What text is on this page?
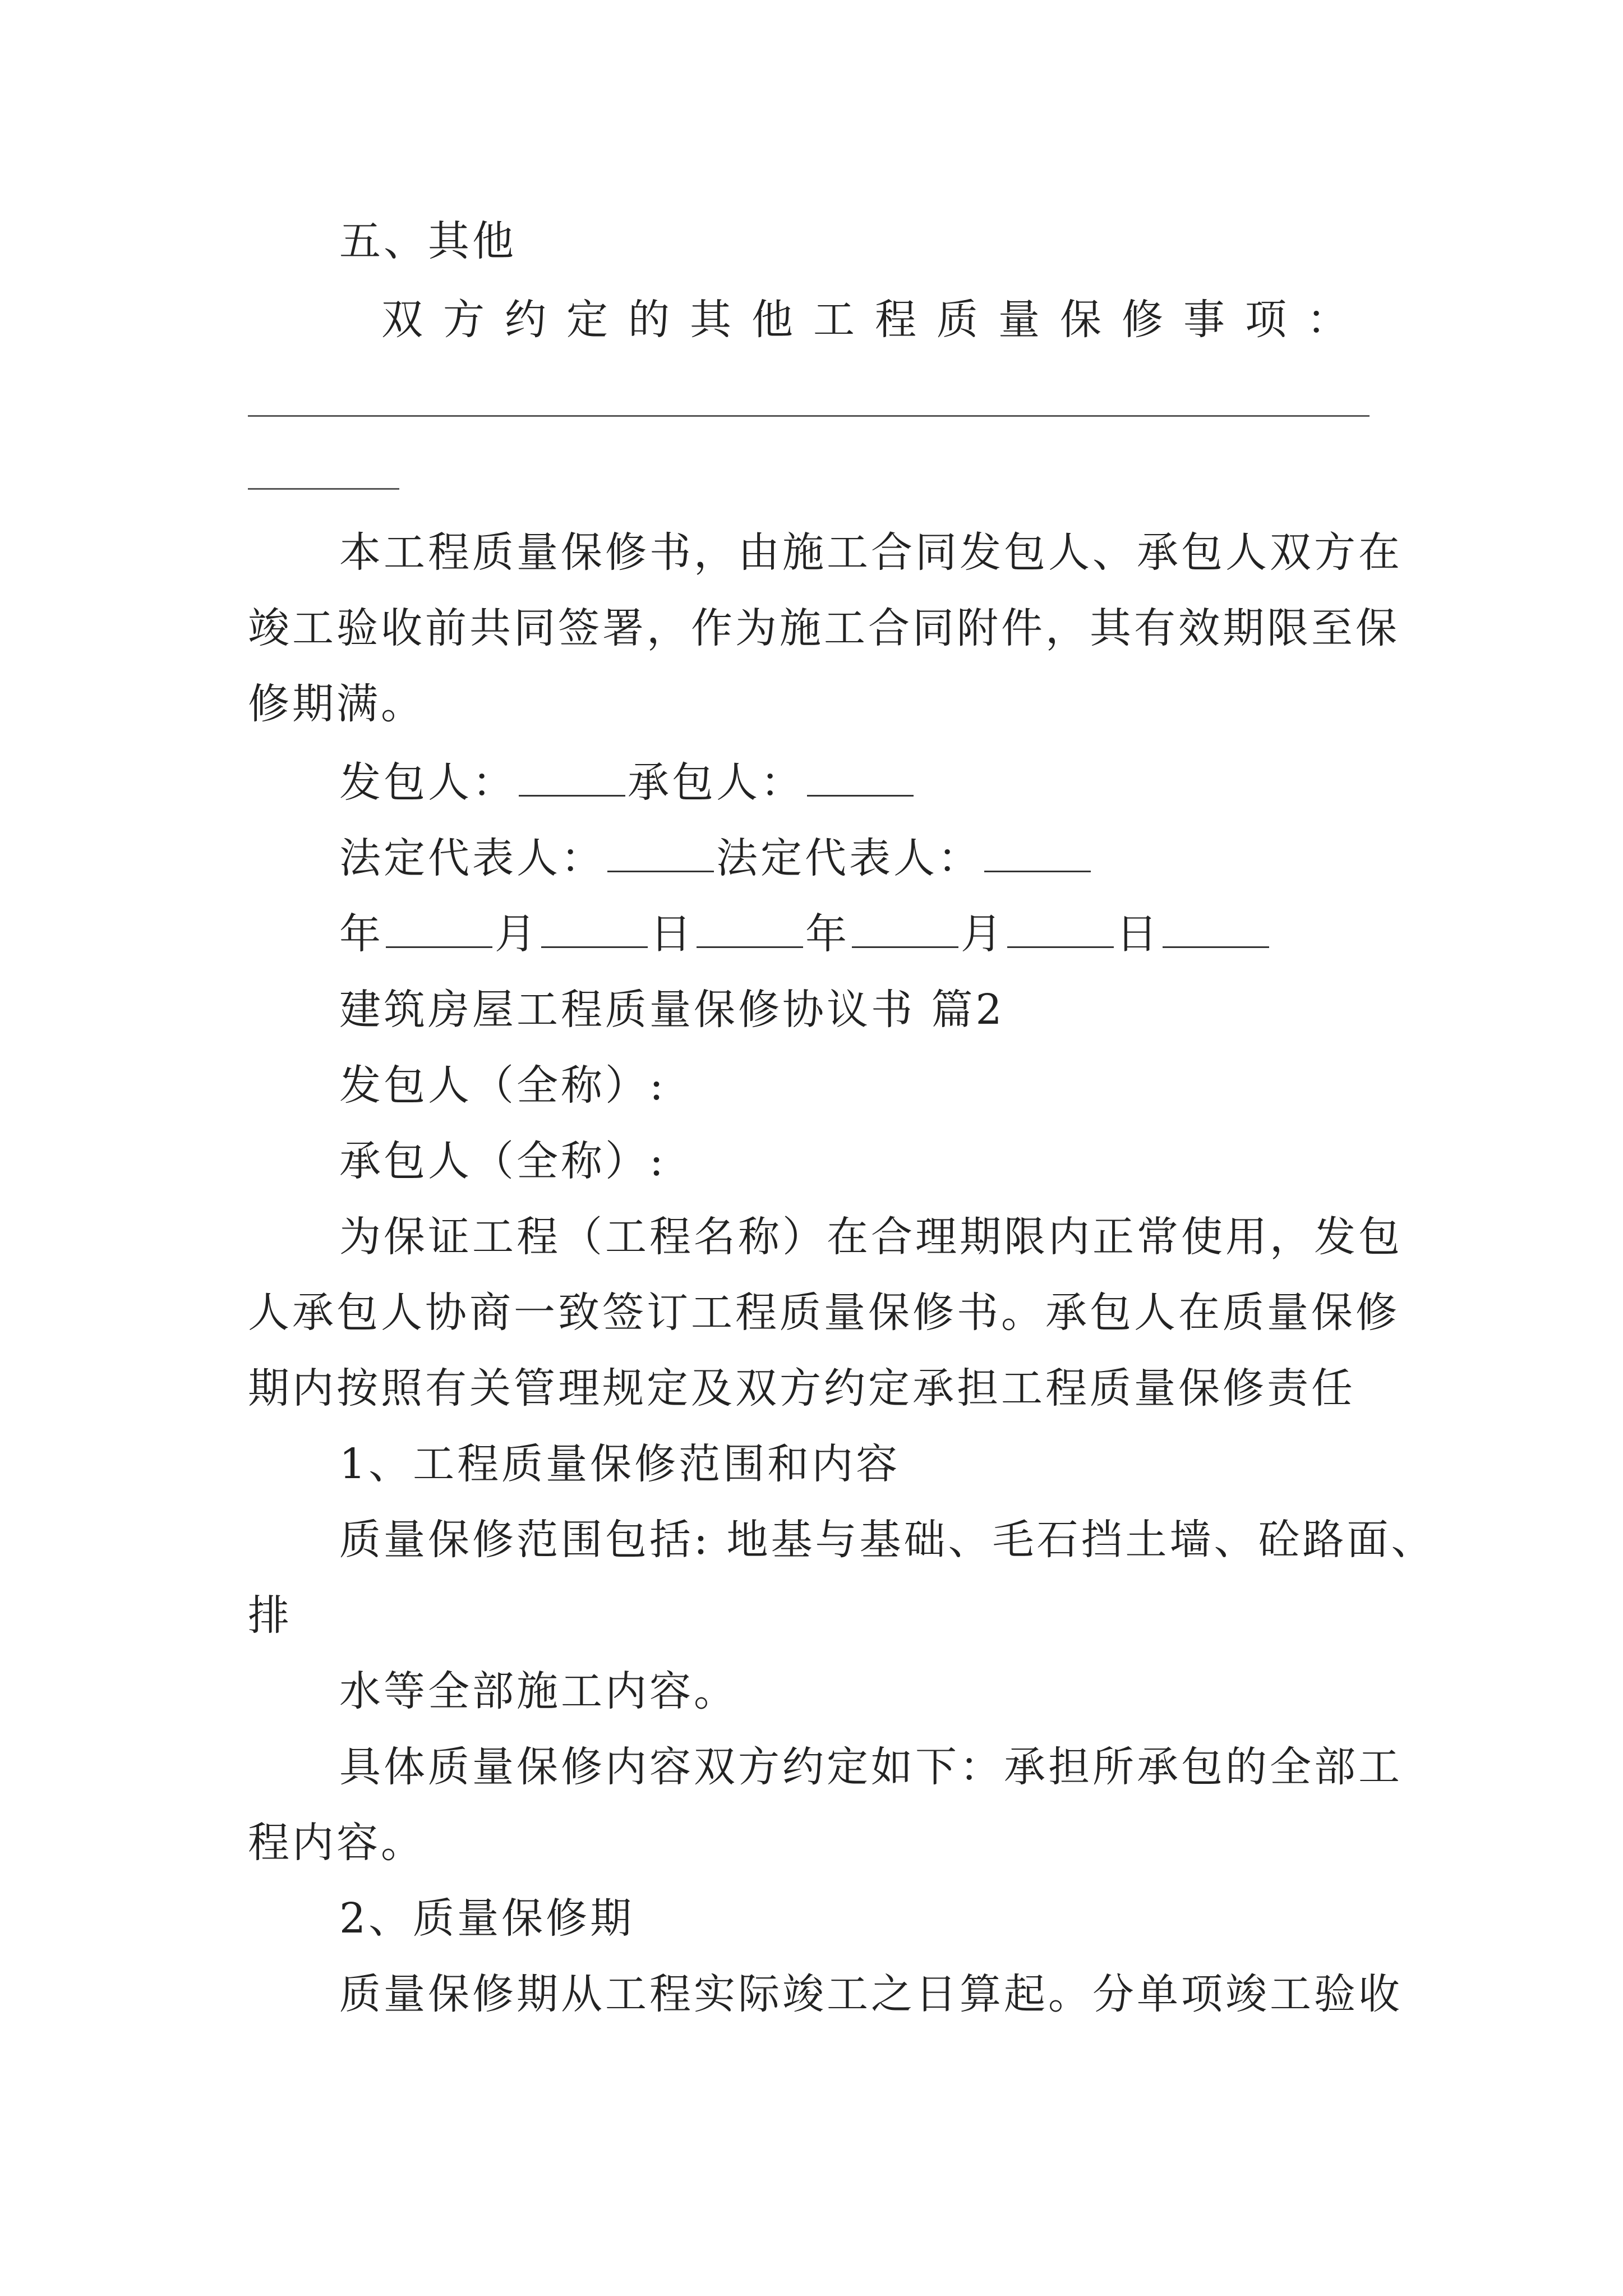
五、其他
双方约定的其他工程质量保修事项：
本工程质量保修书，由施工合同发包人、承包人双方在
竣工验收前共同签署，作为施工合同附件，其有效期限至保
修期满。
发包人：	承包人：
法定代表人：	法定代表人：
年	月	日	年	月	日
建筑房屋工程质量保修协议书 篇2
发包人（全称）:
承包人（全称）:
为保证工程（工程名称）在合理期限内正常使用，发包
人承包人协商一致签订工程质量保修书。承包人在质量保修
期内按照有关管理规定及双方约定承担工程质量保修责任
1、工程质量保修范围和内容
质量保修范围包括: 地基与基础、毛石挡土墙、砼路面、
排
水等全部施工内容。
具体质量保修内容双方约定如下：承担所承包的全部工
程内容。
2、质量保修期
质量保修期从工程实际竣工之日算起。分单项竣工验收
